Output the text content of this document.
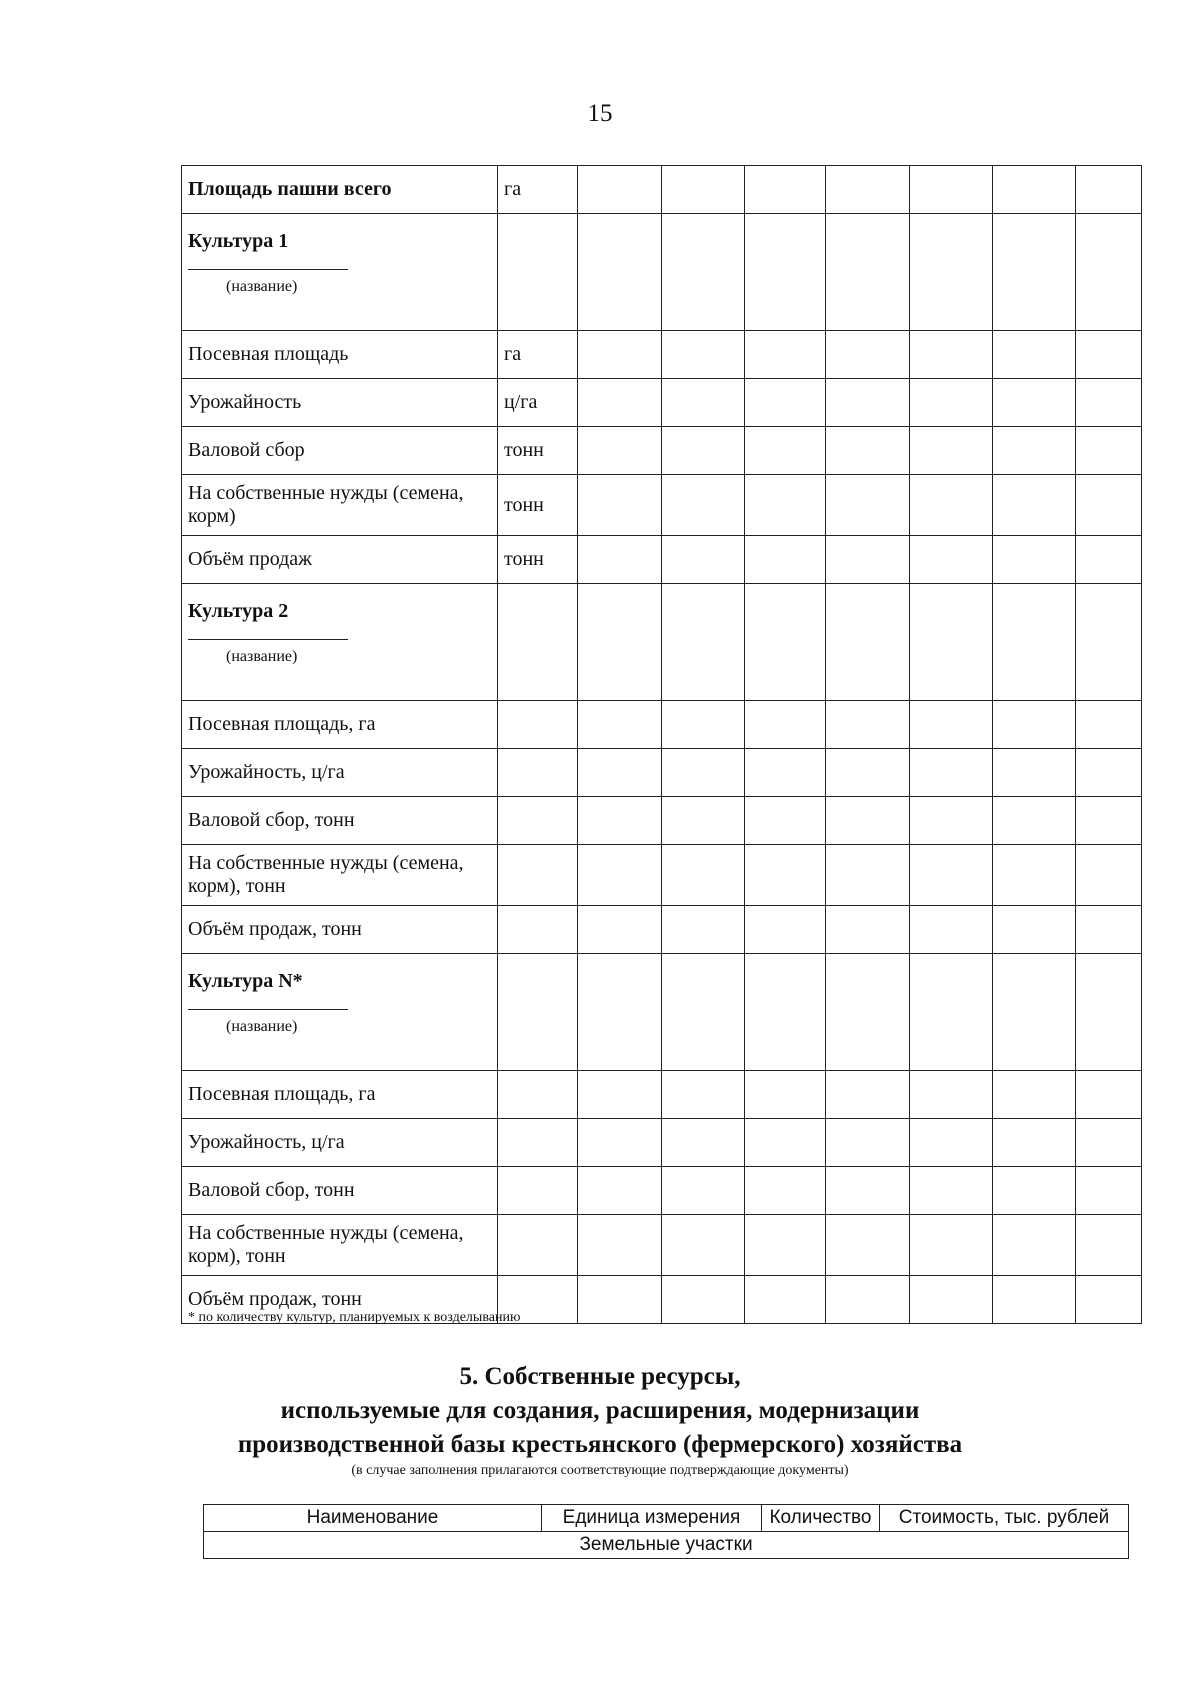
15
Площадь пашни всего	га							

Культура 1
(название)								

Посевная площадь	га							
Урожайность	ц/га							
Валовой сбор	тонн							
На собственные нужды (семена, корм)	тонн							
Объём продаж	тонн							

Культура 2
(название)								

Посевная площадь, га								
Урожайность, ц/га								
Валовой сбор, тонн								
На собственные нужды (семена, корм), тонн								
Объём продаж, тонн								

Культура N*
(название)								

Посевная площадь, га								
Урожайность, ц/га								
Валовой сбор, тонн								
На собственные нужды (семена, корм), тонн								
Объём продаж, тонн								
* по количеству культур, планируемых к возделыванию
5. Собственные ресурсы,
используемые для создания, расширения, модернизации
производственной базы крестьянского (фермерского) хозяйства
(в случае заполнения прилагаются соответствующие подтверждающие документы)
Наименование	Единица измерения	Количество	Стоимость, тыс. рублей
Земельные участки
